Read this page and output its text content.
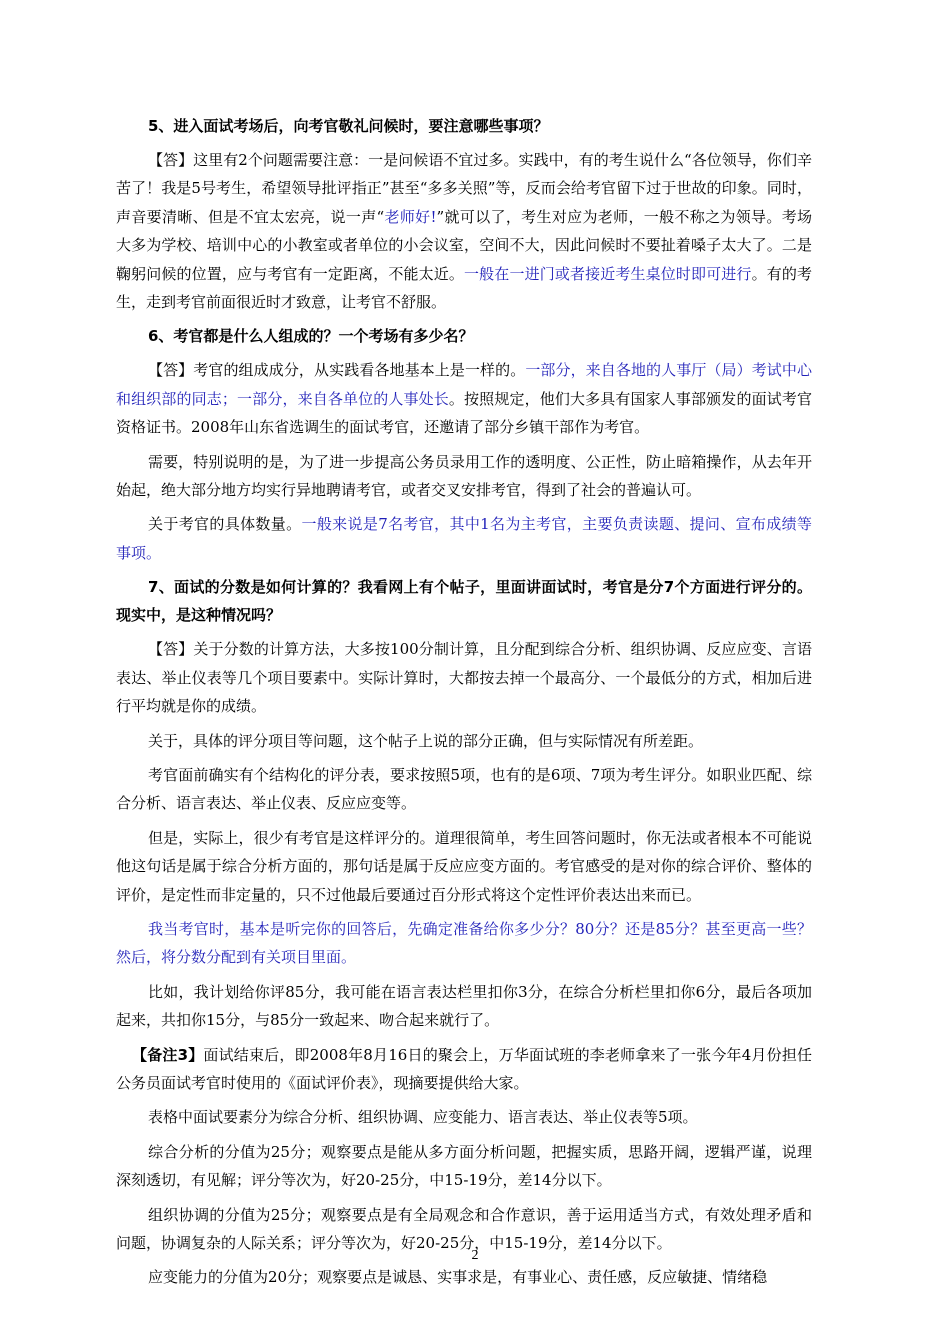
5、进入面试考场后，向考官敬礼问候时，要注意哪些事项？

【答】这里有2个问题需要注意：一是问候语不宜过多。实践中，有的考生说什么“各位领导，你们辛苦了！我是5号考生，希望领导批评指正”甚至“多多关照”等，反而会给考官留下过于世故的印象。同时，声音要清晰、但是不宜太宏亮，说一声“老师好!”就可以了，考生对应为老师，一般不称之为领导。考场大多为学校、培训中心的小教室或者单位的小会议室，空间不大，因此问候时不要扯着嗓子太大了。二是鞠躬问候的位置，应与考官有一定距离，不能太近。一般在一进门或者接近考生桌位时即可进行。有的考生，走到考官前面很近时才致意，让考官不舒服。

6、考官都是什么人组成的？一个考场有多少名？

【答】考官的组成成分，从实践看各地基本上是一样的。一部分，来自各地的人事厅（局）考试中心和组织部的同志；一部分，来自各单位的人事处长。按照规定，他们大多具有国家人事部颁发的面试考官资格证书。2008年山东省选调生的面试考官，还邀请了部分乡镇干部作为考官。

需要，特别说明的是，为了进一步提高公务员录用工作的透明度、公正性，防止暗箱操作，从去年开始起，绝大部分地方均实行异地聘请考官，或者交叉安排考官，得到了社会的普遍认可。

关于考官的具体数量。一般来说是7名考官，其中1名为主考官，主要负责读题、提问、宣布成绩等事项。

7、面试的分数是如何计算的？我看网上有个帖子，里面讲面试时，考官是分7个方面进行评分的。现实中，是这种情况吗？

【答】关于分数的计算方法，大多按100分制计算，且分配到综合分析、组织协调、反应应变、言语表达、举止仪表等几个项目要素中。实际计算时，大都按去掉一个最高分、一个最低分的方式，相加后进行平均就是你的成绩。

关于，具体的评分项目等问题，这个帖子上说的部分正确，但与实际情况有所差距。

考官面前确实有个结构化的评分表，要求按照5项，也有的是6项、7项为考生评分。如职业匹配、综合分析、语言表达、举止仪表、反应应变等。

但是，实际上，很少有考官是这样评分的。道理很简单，考生回答问题时，你无法或者根本不可能说他这句话是属于综合分析方面的，那句话是属于反应应变方面的。考官感受的是对你的综合评价、整体的评价，是定性而非定量的，只不过他最后要通过百分形式将这个定性评价表达出来而已。

我当考官时，基本是听完你的回答后，先确定准备给你多少分？80分？还是85分？甚至更高一些？然后，将分数分配到有关项目里面。

比如，我计划给你评85分，我可能在语言表达栏里扣你3分，在综合分析栏里扣你6分，最后各项加起来，共扣你15分，与85分一致起来、吻合起来就行了。

【备注3】面试结束后，即2008年8月16日的聚会上，万华面试班的李老师拿来了一张今年4月份担任公务员面试考官时使用的《面试评价表》，现摘要提供给大家。

表格中面试要素分为综合分析、组织协调、应变能力、语言表达、举止仪表等5项。

综合分析的分值为25分；观察要点是能从多方面分析问题，把握实质，思路开阔，逻辑严谨，说理深刻透切，有见解；评分等次为，好20-25分，中15-19分，差14分以下。

组织协调的分值为25分；观察要点是有全局观念和合作意识，善于运用适当方式，有效处理矛盾和问题，协调复杂的人际关系；评分等次为，好20-25分，中15-19分，差14分以下。

应变能力的分值为20分；观察要点是诚恳、实事求是，有事业心、责任感，反应敏捷、情绪稳

2
